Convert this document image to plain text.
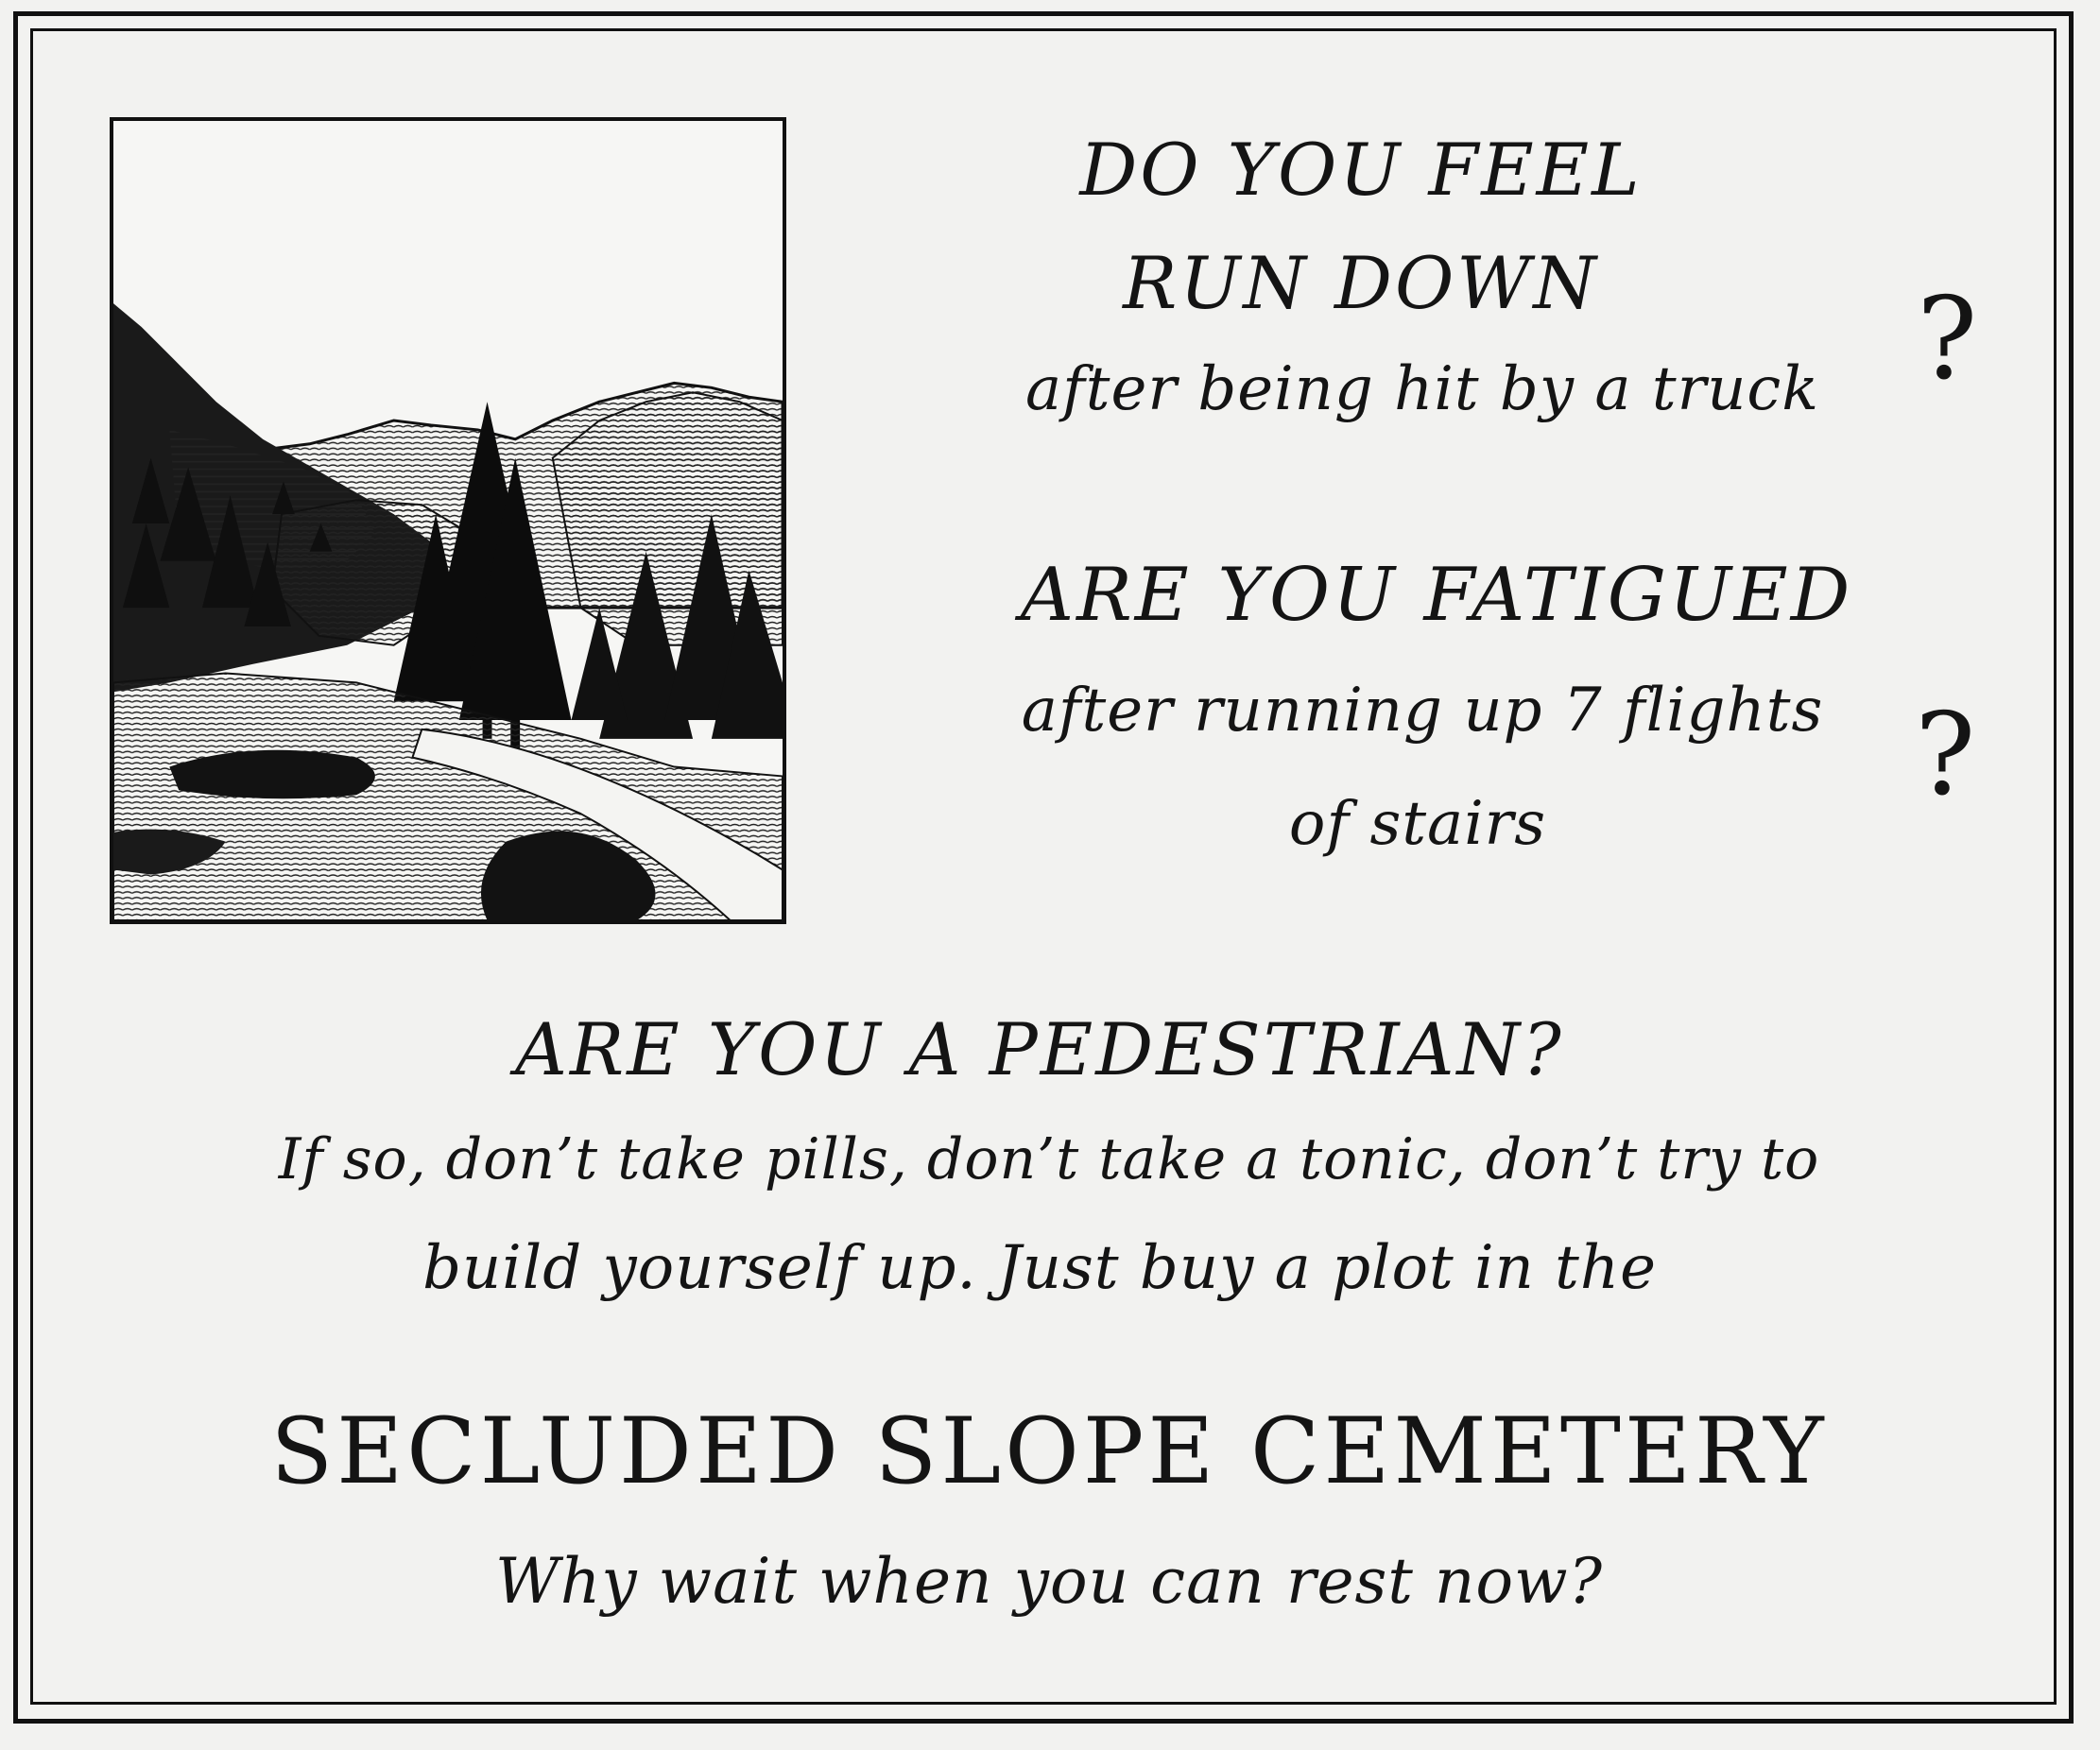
DO YOU FEEL
RUN DOWN
after being hit by a truck ?
ARE YOU FATIGUED
after running up 7 flights
of stairs
?
ARE YOU A PEDESTRIAN?
If so, don’t take pills, don’t take a tonic, don’t try to
build yourself up. Just buy a plot in the
SECLUDED SLOPE CEMETERY
Why wait when you can rest now?
